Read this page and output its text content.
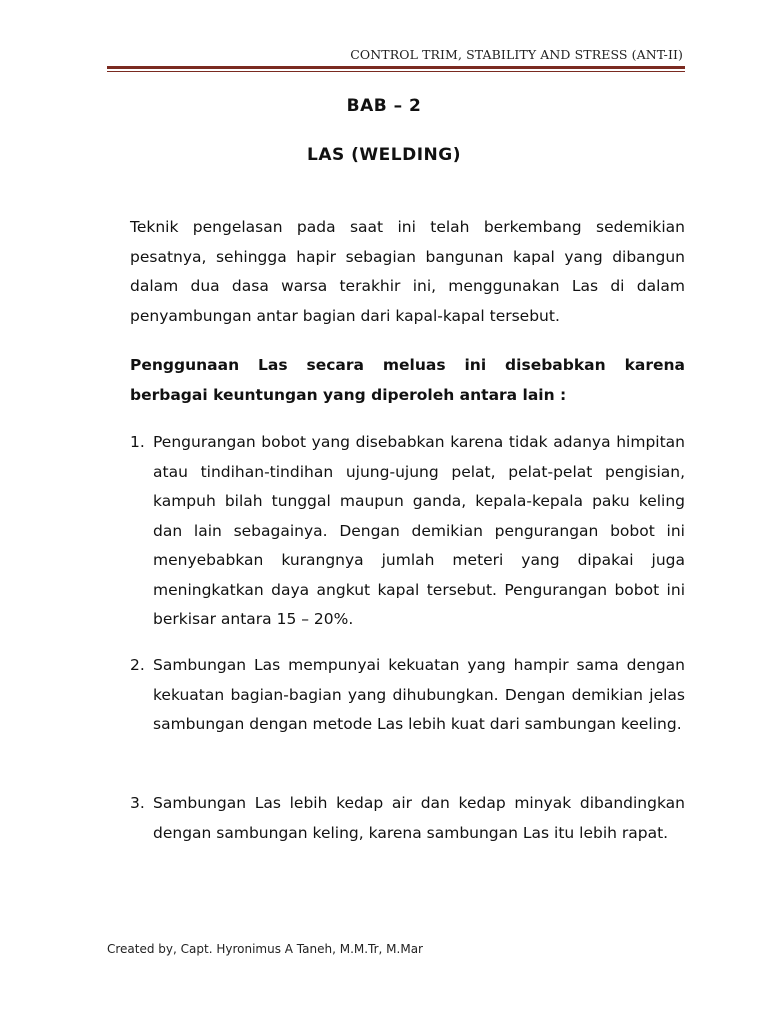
CONTROL TRIM, STABILITY AND STRESS (ANT-II)
BAB – 2
LAS (WELDING)

Teknik pengelasan pada saat ini telah berkembang sedemikian pesatnya, sehingga hapir sebagian bangunan kapal yang dibangun dalam dua dasa warsa terakhir ini, menggunakan Las di dalam penyambungan antar bagian dari kapal-kapal tersebut.

Penggunaan Las secara meluas ini disebabkan karena berbagai keuntungan yang diperoleh antara lain :

1. Pengurangan bobot yang disebabkan karena tidak adanya himpitan atau tindihan-tindihan ujung-ujung pelat, pelat-pelat pengisian, kampuh bilah tunggal maupun ganda, kepala-kepala paku keling dan lain sebagainya. Dengan demikian pengurangan bobot ini menyebabkan kurangnya jumlah meteri yang dipakai juga meningkatkan daya angkut kapal tersebut. Pengurangan bobot ini berkisar antara 15 – 20%.
2. Sambungan Las mempunyai kekuatan yang hampir sama dengan kekuatan bagian-bagian yang dihubungkan. Dengan demikian jelas sambungan dengan metode Las lebih kuat dari sambungan keeling.
3. Sambungan Las lebih kedap air dan kedap minyak dibandingkan dengan sambungan keling, karena sambungan Las itu lebih rapat.
Created by, Capt. Hyronimus A Taneh, M.M.Tr, M.Mar
